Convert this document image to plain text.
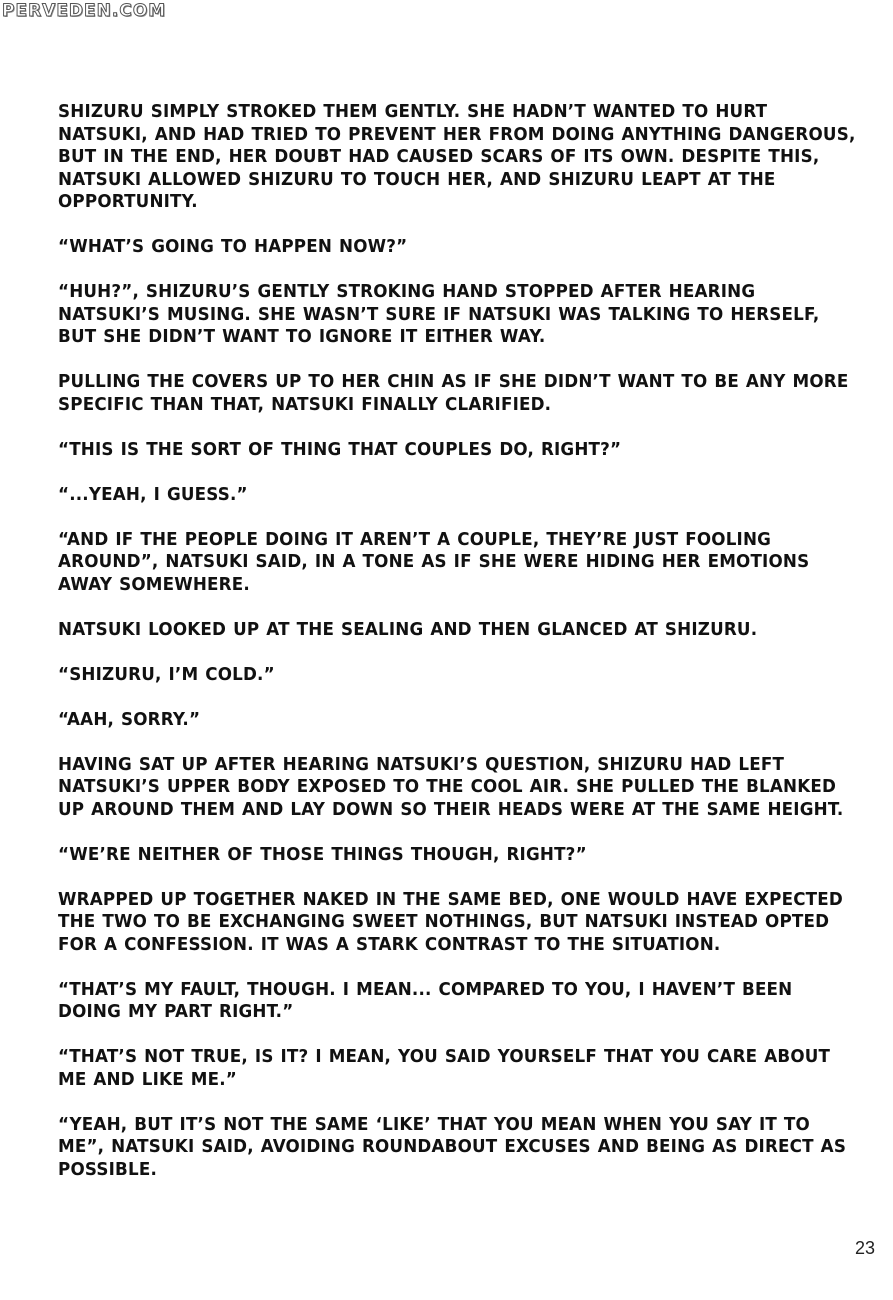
PERVEDEN.COM

SHIZURU SIMPLY STROKED THEM GENTLY. SHE HADN’T WANTED TO HURT NATSUKI, AND HAD TRIED TO PREVENT HER FROM DOING ANYTHING DANGEROUS, BUT IN THE END, HER DOUBT HAD CAUSED SCARS OF ITS OWN. DESPITE THIS, NATSUKI ALLOWED SHIZURU TO TOUCH HER, AND SHIZURU LEAPT AT THE OPPORTUNITY.

“WHAT’S GOING TO HAPPEN NOW?”

“HUH?”, SHIZURU’S GENTLY STROKING HAND STOPPED AFTER HEARING NATSUKI’S MUSING. SHE WASN’T SURE IF NATSUKI WAS TALKING TO HERSELF, BUT SHE DIDN’T WANT TO IGNORE IT EITHER WAY.

PULLING THE COVERS UP TO HER CHIN AS IF SHE DIDN’T WANT TO BE ANY MORE SPECIFIC THAN THAT, NATSUKI FINALLY CLARIFIED.

“THIS IS THE SORT OF THING THAT COUPLES DO, RIGHT?”

“...YEAH, I GUESS.”

“AND IF THE PEOPLE DOING IT AREN’T A COUPLE, THEY’RE JUST FOOLING AROUND”, NATSUKI SAID, IN A TONE AS IF SHE WERE HIDING HER EMOTIONS AWAY SOMEWHERE.

NATSUKI LOOKED UP AT THE SEALING AND THEN GLANCED AT SHIZURU.

“SHIZURU, I’M COLD.”

“AAH, SORRY.”

HAVING SAT UP AFTER HEARING NATSUKI’S QUESTION, SHIZURU HAD LEFT NATSUKI’S UPPER BODY EXPOSED TO THE COOL AIR. SHE PULLED THE BLANKED UP AROUND THEM AND LAY DOWN SO THEIR HEADS WERE AT THE SAME HEIGHT.

“WE’RE NEITHER OF THOSE THINGS THOUGH, RIGHT?”

WRAPPED UP TOGETHER NAKED IN THE SAME BED, ONE WOULD HAVE EXPECTED THE TWO TO BE EXCHANGING SWEET NOTHINGS, BUT NATSUKI INSTEAD OPTED FOR A CONFESSION. IT WAS A STARK CONTRAST TO THE SITUATION.

“THAT’S MY FAULT, THOUGH. I MEAN... COMPARED TO YOU, I HAVEN’T BEEN DOING MY PART RIGHT.”

“THAT’S NOT TRUE, IS IT? I MEAN, YOU SAID YOURSELF THAT YOU CARE ABOUT ME AND LIKE ME.”

“YEAH, BUT IT’S NOT THE SAME ‘LIKE’ THAT YOU MEAN WHEN YOU SAY IT TO ME”, NATSUKI SAID, AVOIDING ROUNDABOUT EXCUSES AND BEING AS DIRECT AS POSSIBLE.

23
